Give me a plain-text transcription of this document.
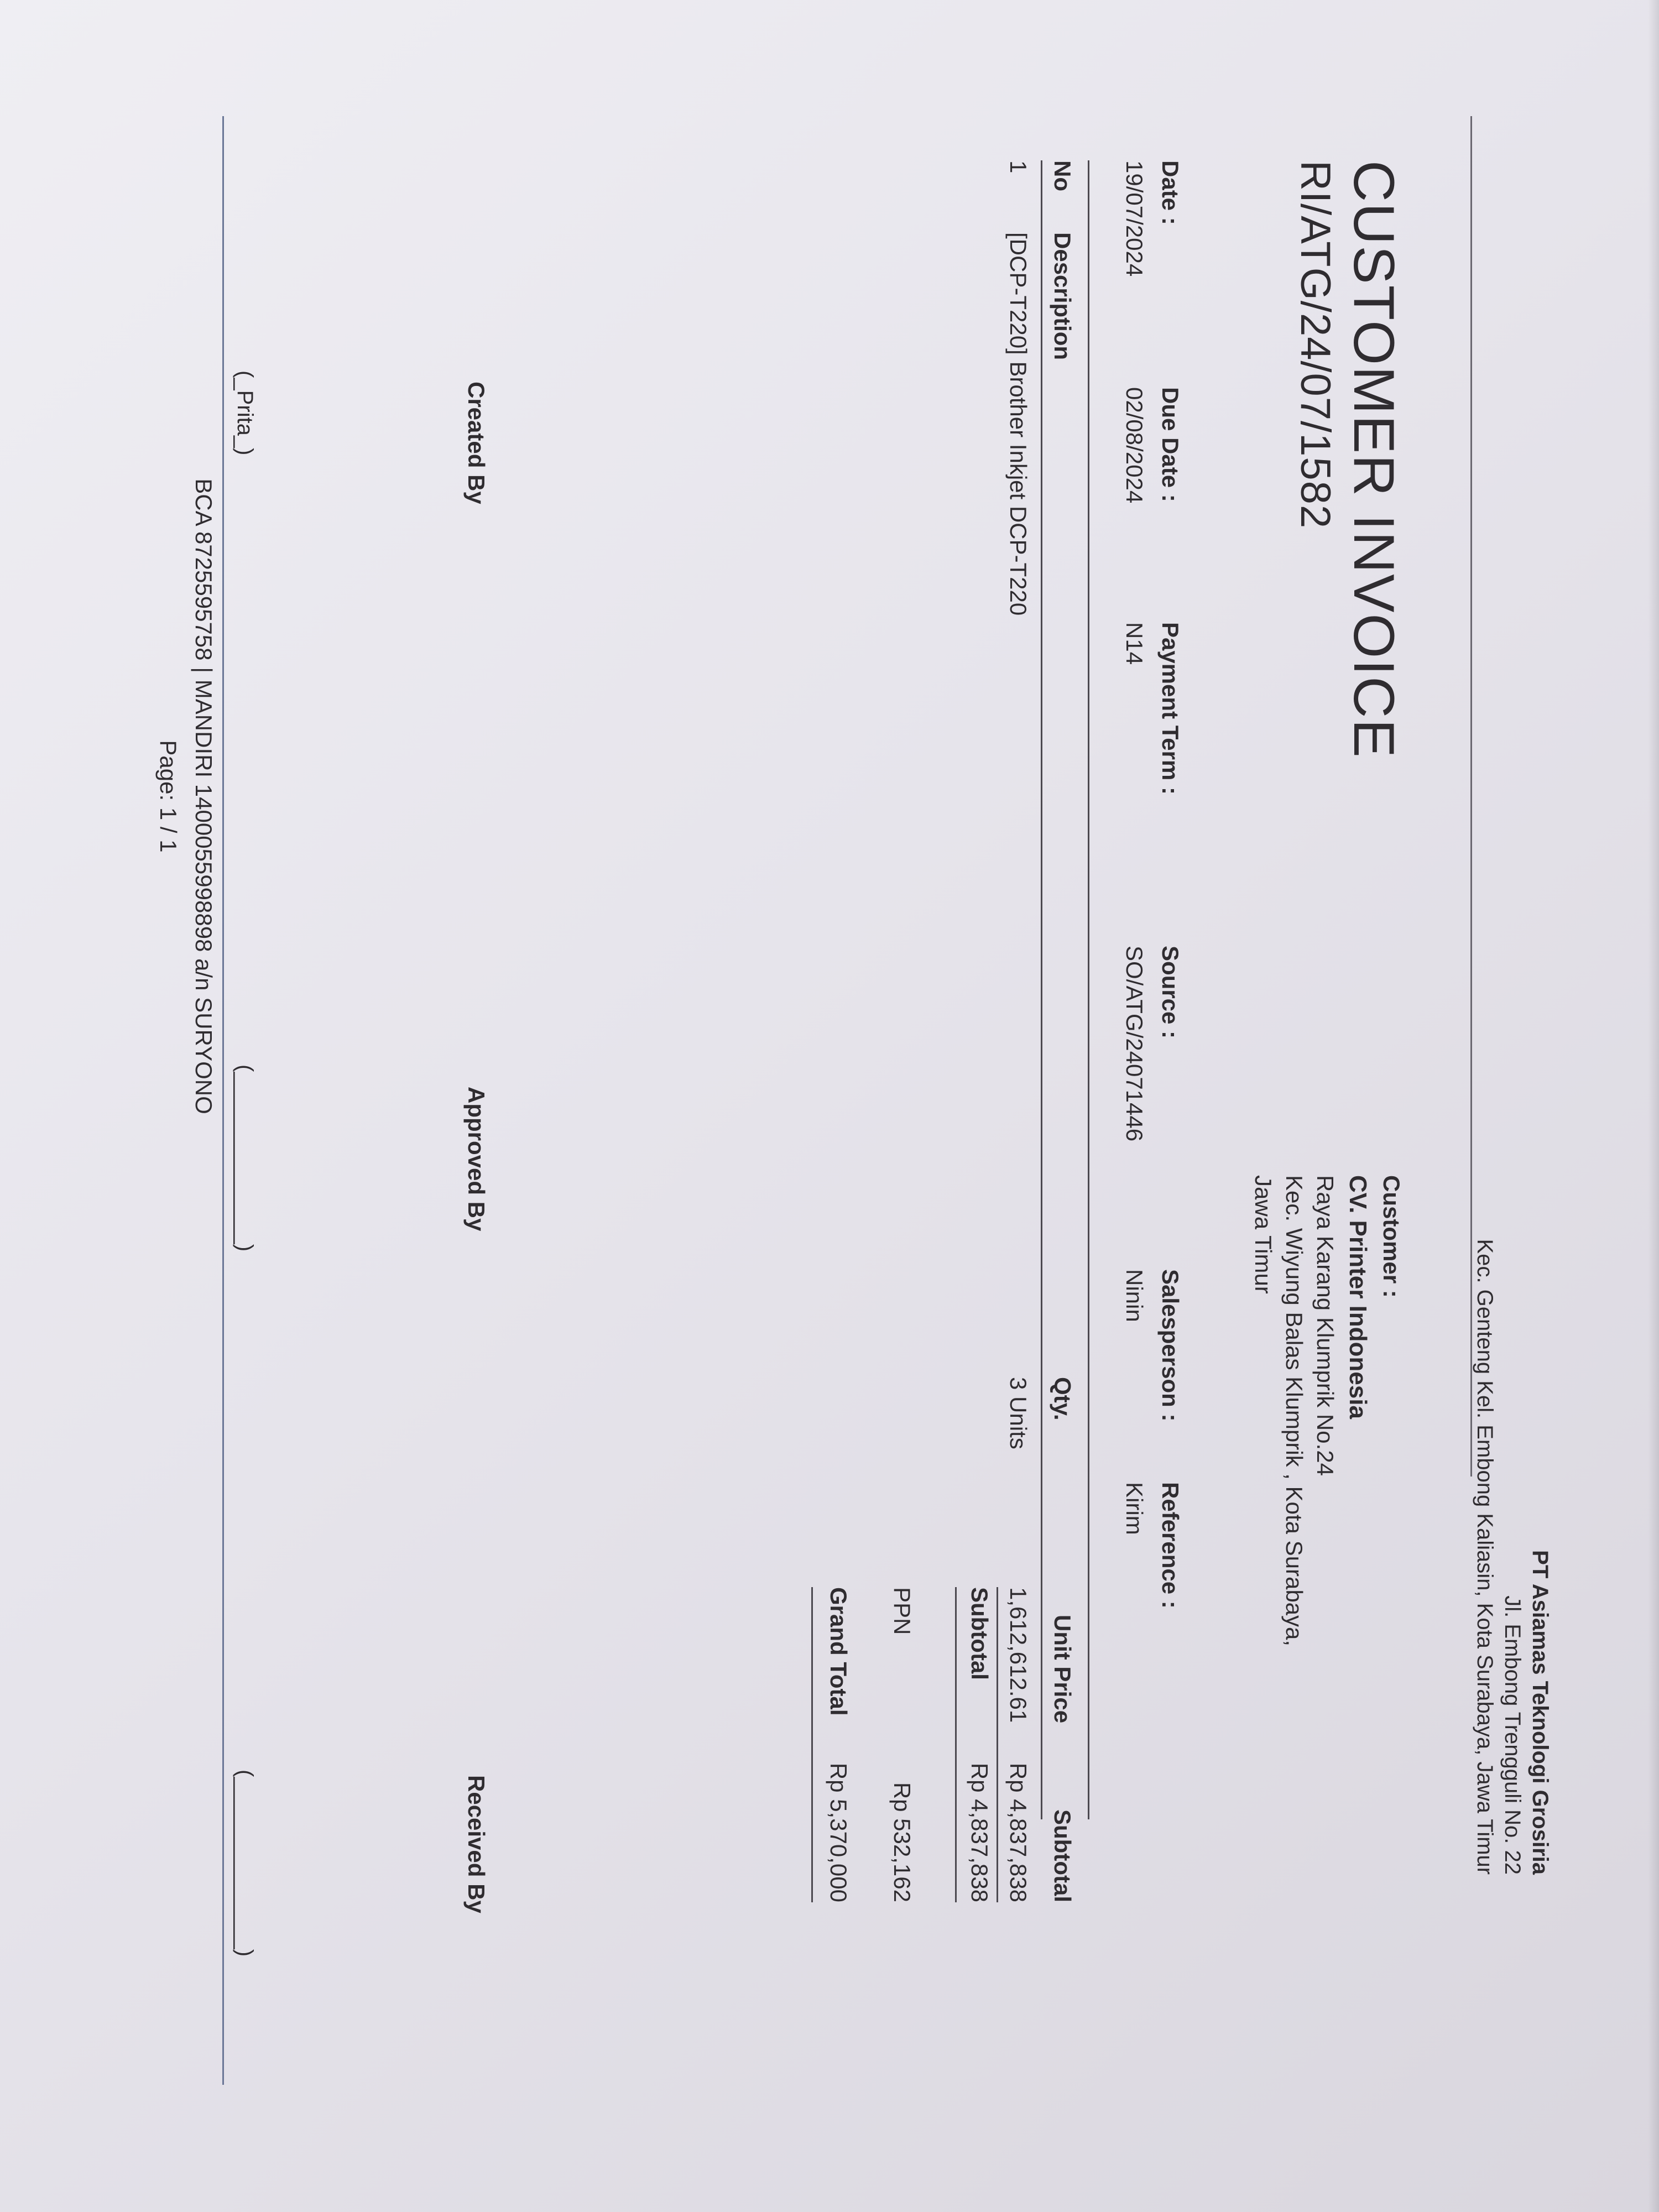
PT Asiamas Teknologi Grosiria
Jl. Embong Trengguli No. 22
Kec. Genteng Kel. Embong Kaliasin, Kota Surabaya, Jawa Timur
CUSTOMER INVOICE
RI/ATG/24/07/1582
Customer :
CV. Printer Indonesia
Raya Karang Klumprik No.24
Kec. Wiyung Balas Klumprik , Kota Surabaya,
Jawa Timur
Date :
19/07/2024
Due Date :
02/08/2024
Payment Term :
N14
Source :
SO/ATG/24071446
Salesperson :
Ninin
Reference :
Kirim
No
Description
Qty.
Unit Price
Subtotal
1
[DCP-T220] Brother Inkjet DCP-T220
3 Units
1,612,612.61
Rp 4,837,838
Subtotal
Rp 4,837,838
PPN
Rp 532,162
Grand Total
Rp 5,370,000
Created By
Approved By
Received By
(_Prita_)
(______________)
(______________)
BCA 8725595758 | MANDIRI 1400055998898 a/n SURYONO
Page: 1 / 1
